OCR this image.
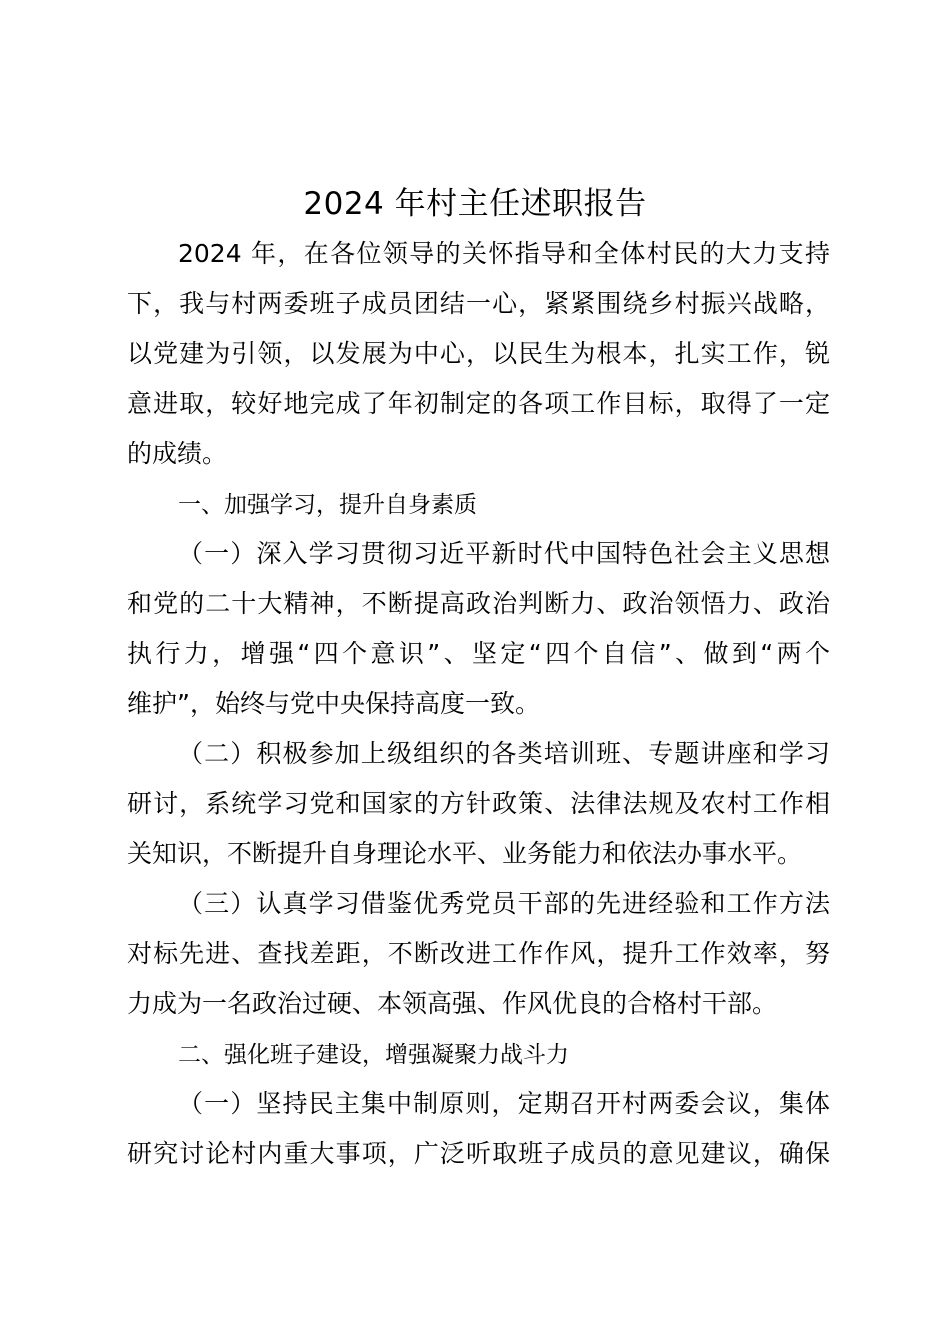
2024 年村主任述职报告
2024 年，在各位领导的关怀指导和全体村民的大力支持
下，我与村两委班子成员团结一心，紧紧围绕乡村振兴战略，
以党建为引领，以发展为中心，以民生为根本，扎实工作，锐
意进取，较好地完成了年初制定的各项工作目标，取得了一定
的成绩。
一、加强学习，提升自身素质
（一）深入学习贯彻习近平新时代中国特色社会主义思想
和党的二十大精神，不断提高政治判断力、政治领悟力、政治
执行力，增强“四个意识”、坚定“四个自信”、做到“两个
维护”，始终与党中央保持高度一致。
（二）积极参加上级组织的各类培训班、专题讲座和学习
研讨，系统学习党和国家的方针政策、法律法规及农村工作相
关知识，不断提升自身理论水平、业务能力和依法办事水平。
（三）认真学习借鉴优秀党员干部的先进经验和工作方法
对标先进、查找差距，不断改进工作作风，提升工作效率，努
力成为一名政治过硬、本领高强、作风优良的合格村干部。
二、强化班子建设，增强凝聚力战斗力
（一）坚持民主集中制原则，定期召开村两委会议，集体
研究讨论村内重大事项，广泛听取班子成员的意见建议，确保
